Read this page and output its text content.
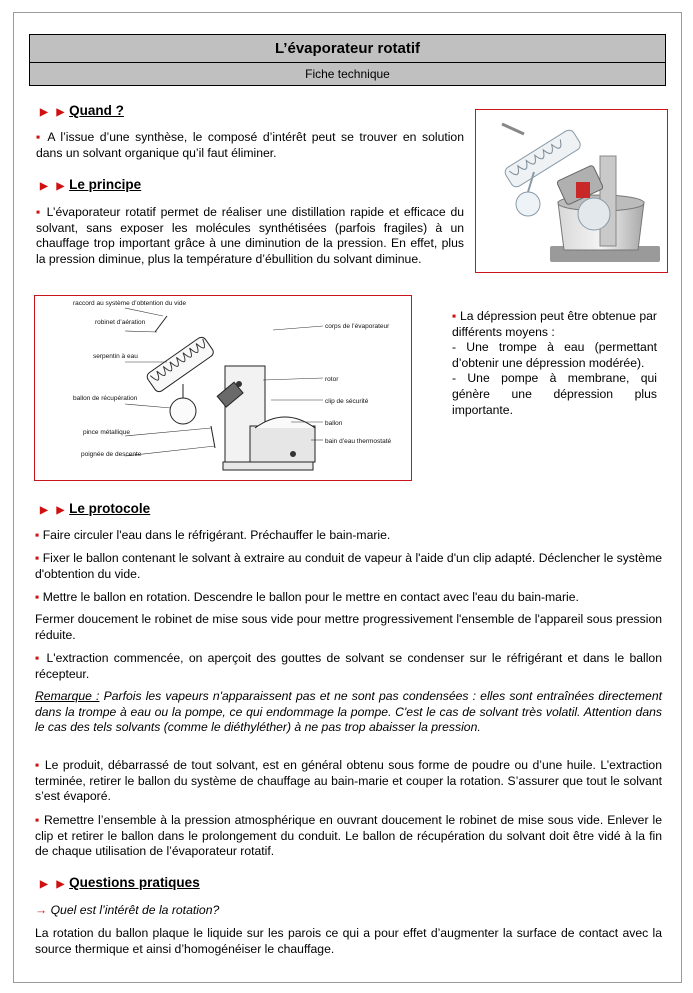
L’évaporateur rotatif
Fiche technique
▶ ▶ Quand ?
▪ A l’issue d’une synthèse, le composé d’intérêt peut se trouver en solution dans un solvant organique qu’il faut éliminer.
▶ ▶ Le principe
▪ L’évaporateur rotatif permet de réaliser une distillation rapide et efficace du solvant, sans exposer les molécules synthétisées (parfois fragiles) à un chauffage trop important grâce à une diminution de la pression. En effet, plus la pression diminue, plus la température d’ébullition du solvant diminue.
raccord au système d’obtention du vide
robinet d’aération
serpentin à eau
ballon de récupération
pince métallique
poignée de descente
corps de l’évaporateur
rotor
clip de sécurité
ballon
bain d’eau thermostaté
▪ La dépression peut être obtenue par différents moyens :
- Une trompe à eau (permettant d’obtenir une dépression modérée).
- Une pompe à membrane, qui génère une dépression plus importante.
▶ ▶ Le protocole
▪ Faire circuler l'eau dans le réfrigérant. Préchauffer le bain-marie.
▪ Fixer le ballon contenant le solvant à extraire au conduit de vapeur à l'aide d'un clip adapté. Déclencher le système d'obtention du vide.
▪ Mettre le ballon en rotation. Descendre le ballon pour le mettre en contact avec l'eau du bain-marie.
Fermer doucement le robinet de mise sous vide pour mettre progressivement l'ensemble de l'appareil sous pression réduite.
▪ L'extraction commencée, on aperçoit des gouttes de solvant se condenser sur le réfrigérant et dans le ballon récepteur.
Remarque : Parfois les vapeurs n'apparaissent pas et ne sont pas condensées : elles sont entraînées directement dans la trompe à eau ou la pompe, ce qui endommage la pompe. C'est le cas de solvant très volatil. Attention dans le cas des tels solvants (comme le diéthyléther) à ne pas trop abaisser la pression.
▪ Le produit, débarrassé de tout solvant, est en général obtenu sous forme de poudre ou d’une huile. L’extraction terminée, retirer le ballon du système de chauffage au bain-marie et couper la rotation. S’assurer que tout le solvant s’est évaporé.
▪ Remettre l’ensemble à la pression atmosphérique en ouvrant doucement le robinet de mise sous vide. Enlever le clip et retirer le ballon dans le prolongement du conduit. Le ballon de récupération du solvant doit être vidé à la fin de chaque utilisation de l’évaporateur rotatif.
▶ ▶ Questions pratiques
→ Quel est l’intérêt de la rotation?
La rotation du ballon plaque le liquide sur les parois ce qui a pour effet d’augmenter la surface de contact avec la source thermique et ainsi d’homogénéiser le chauffage.
